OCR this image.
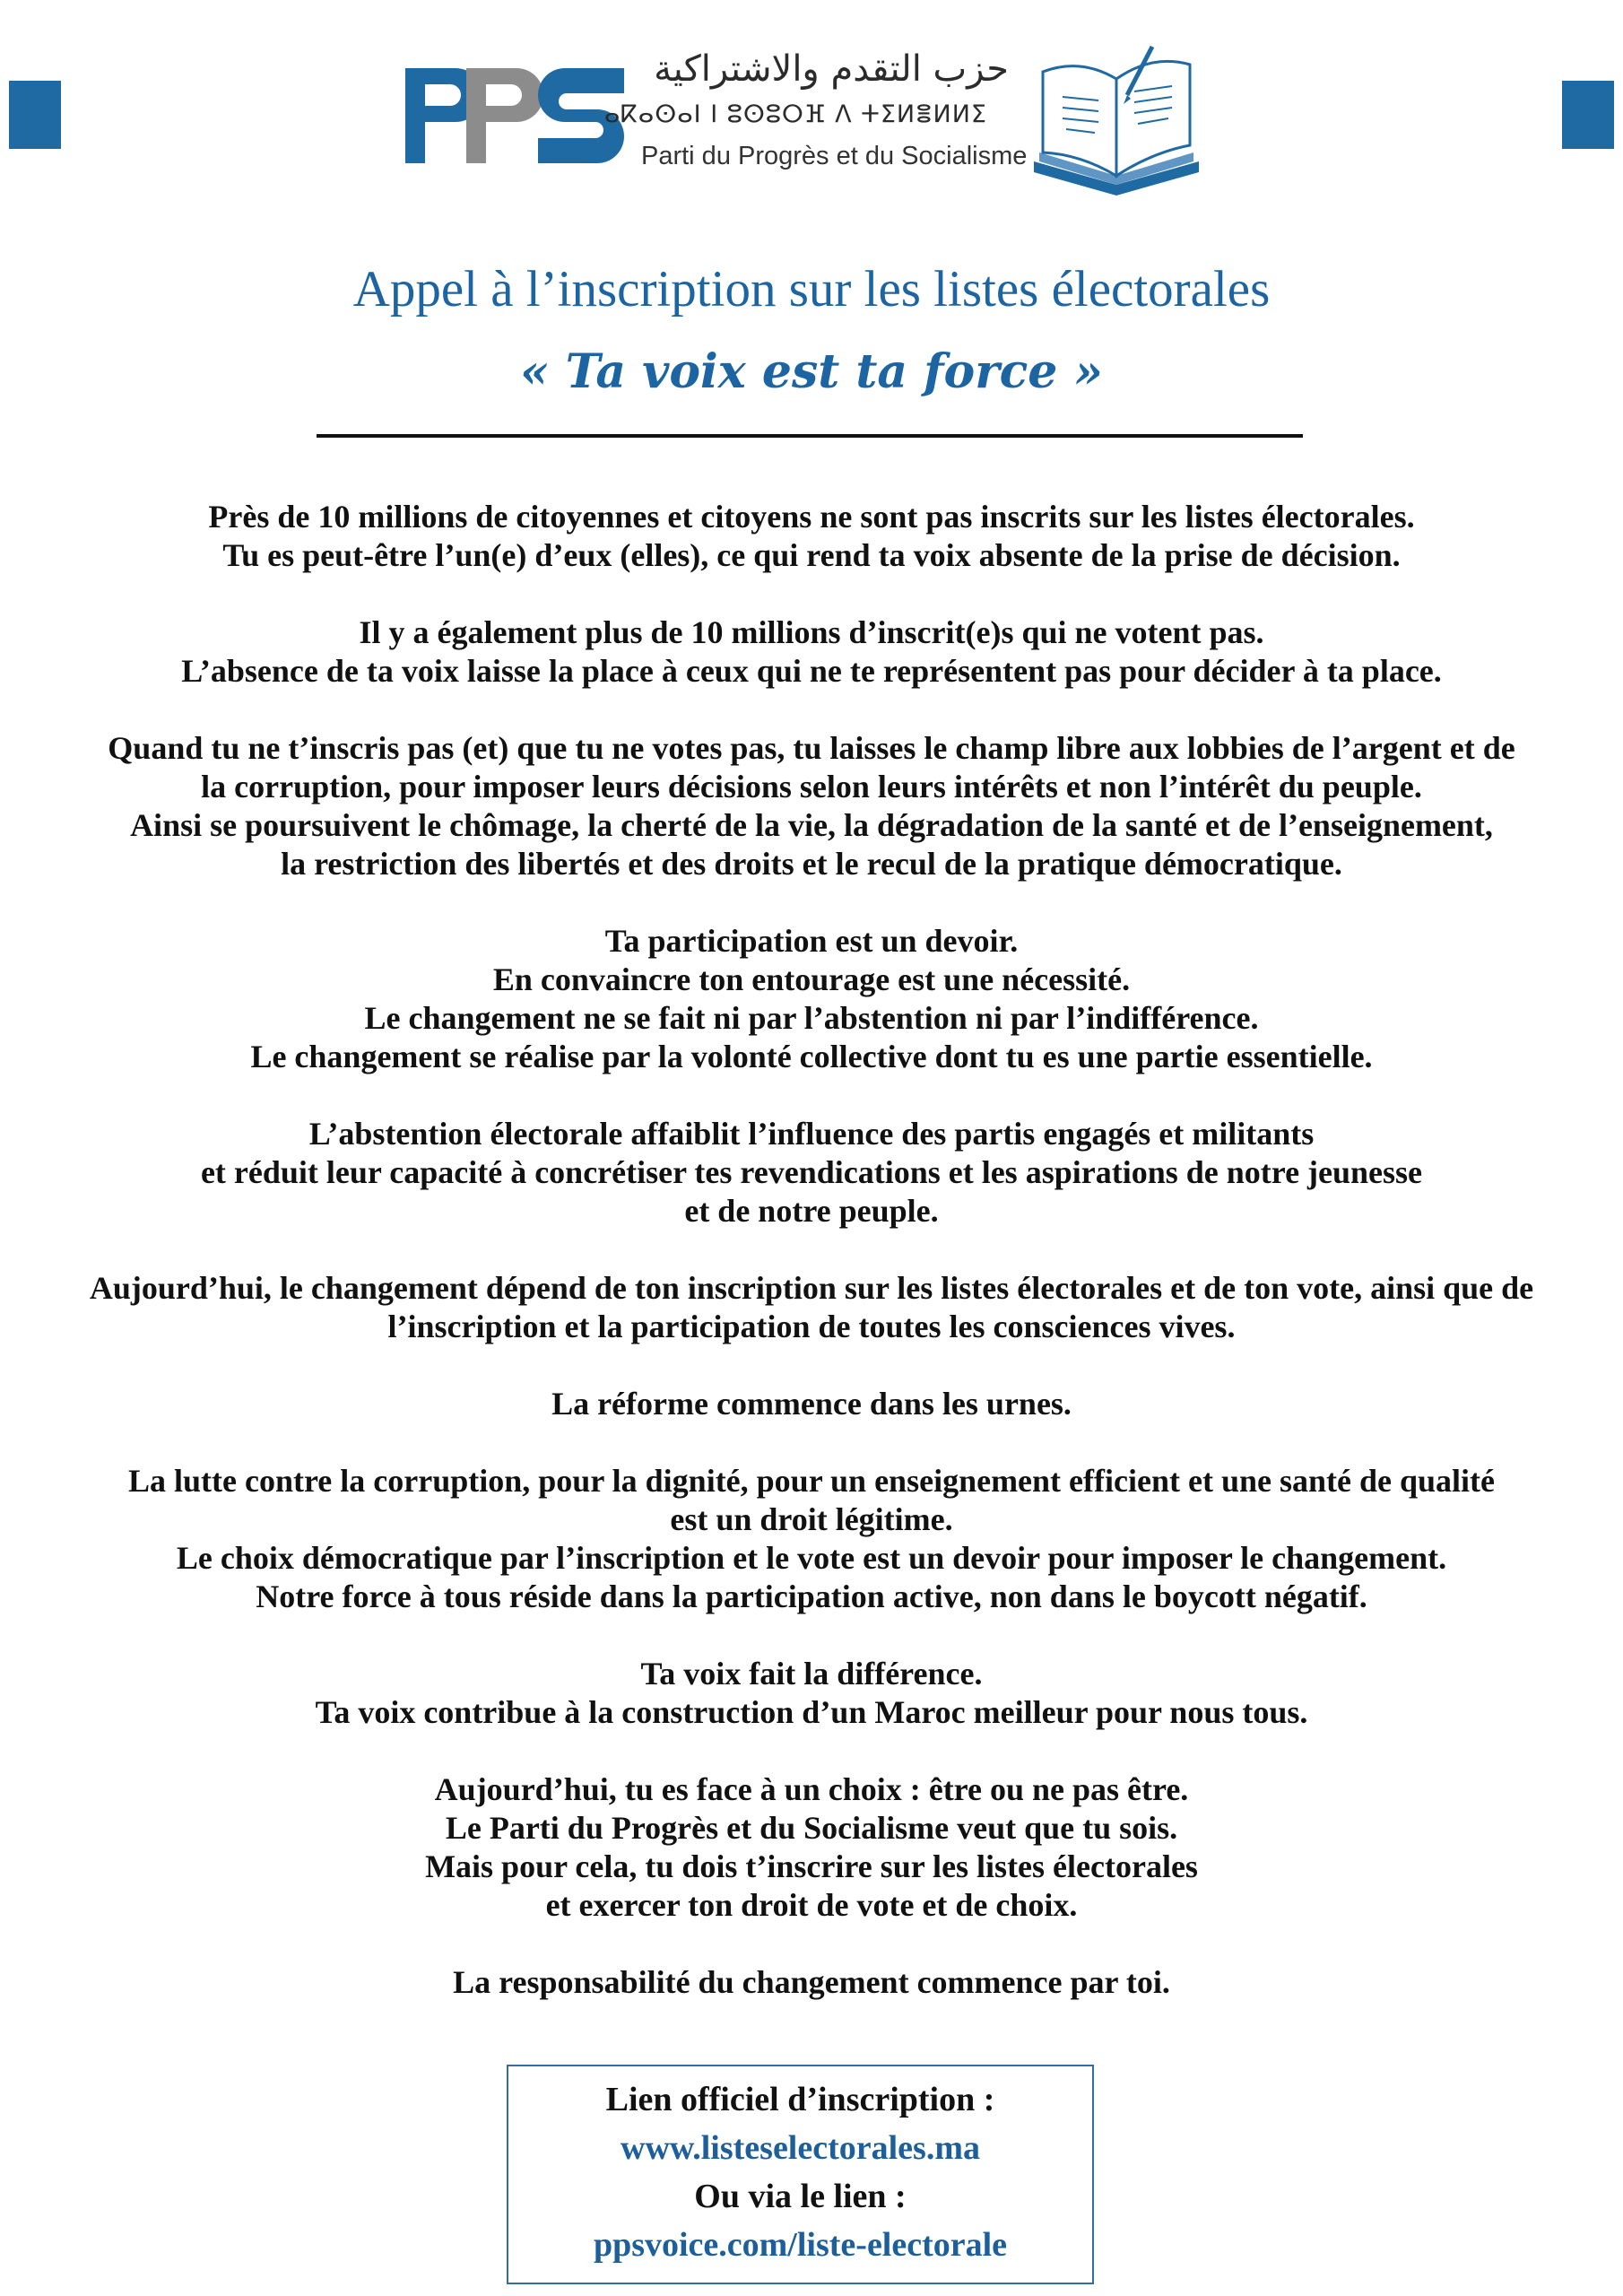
حزب التقدم والاشتراكية
ⴰⴽⴰⵙⴰⵏ ⵏ ⵓⵙⵓⵔⴼ ⴷ ⵜⵉⵍⴻⵍⵍⵉ
Parti du Progrès et du Socialisme
Appel à l’inscription sur les listes électorales
« Ta voix est ta force »

Près de 10 millions de citoyennes et citoyens ne sont pas inscrits sur les listes électorales.
Tu es peut-être l’un(e) d’eux (elles), ce qui rend ta voix absente de la prise de décision.

Il y a également plus de 10 millions d’inscrit(e)s qui ne votent pas.
L’absence de ta voix laisse la place à ceux qui ne te représentent pas pour décider à ta place.

Quand tu ne t’inscris pas (et) que tu ne votes pas, tu laisses le champ libre aux lobbies de l’argent et de
la corruption, pour imposer leurs décisions selon leurs intérêts et non l’intérêt du peuple.
Ainsi se poursuivent le chômage, la cherté de la vie, la dégradation de la santé et de l’enseignement,
la restriction des libertés et des droits et le recul de la pratique démocratique.

Ta participation est un devoir.
En convaincre ton entourage est une nécessité.
Le changement ne se fait ni par l’abstention ni par l’indifférence.
Le changement se réalise par la volonté collective dont tu es une partie essentielle.

L’abstention électorale affaiblit l’influence des partis engagés et militants
et réduit leur capacité à concrétiser tes revendications et les aspirations de notre jeunesse
et de notre peuple.

Aujourd’hui, le changement dépend de ton inscription sur les listes électorales et de ton vote, ainsi que de
l’inscription et la participation de toutes les consciences vives.

La réforme commence dans les urnes.

La lutte contre la corruption, pour la dignité, pour un enseignement efficient et une santé de qualité
est un droit légitime.
Le choix démocratique par l’inscription et le vote est un devoir pour imposer le changement.
Notre force à tous réside dans la participation active, non dans le boycott négatif.

Ta voix fait la différence.
Ta voix contribue à la construction d’un Maroc meilleur pour nous tous.

Aujourd’hui, tu es face à un choix : être ou ne pas être.
Le Parti du Progrès et du Socialisme veut que tu sois.
Mais pour cela, tu dois t’inscrire sur les listes électorales
et exercer ton droit de vote et de choix.

La responsabilité du changement commence par toi.

Lien officiel d’inscription :
www.listeselectorales.ma
Ou via le lien :
ppsvoice.com/liste-electorale
